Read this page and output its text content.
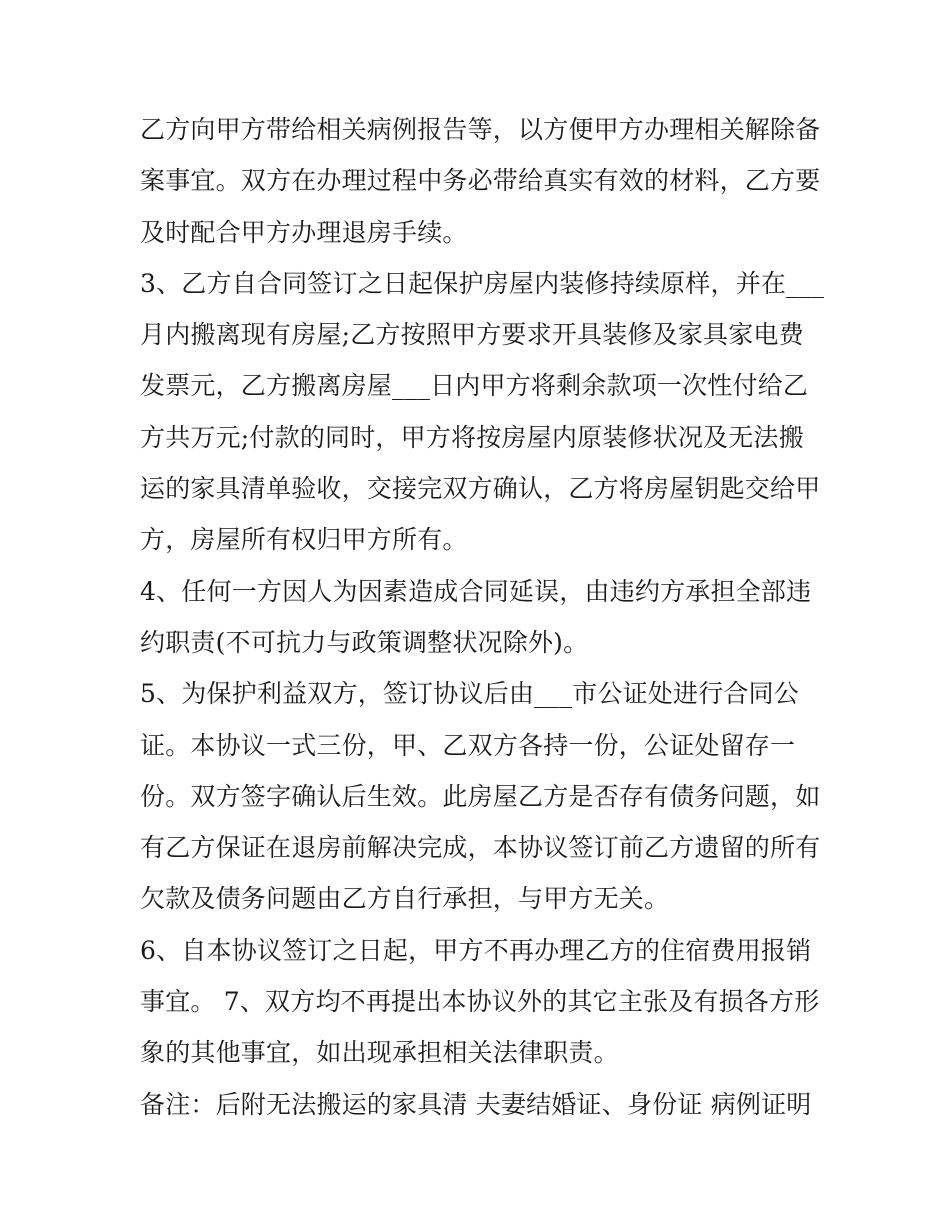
乙方向甲方带给相关病例报告等，以方便甲方办理相关解除备
案事宜。双方在办理过程中务必带给真实有效的材料，乙方要
及时配合甲方办理退房手续。
3、乙方自合同签订之日起保护房屋内装修持续原样，并在___
月内搬离现有房屋;乙方按照甲方要求开具装修及家具家电费
发票元，乙方搬离房屋___日内甲方将剩余款项一次性付给乙
方共万元;付款的同时，甲方将按房屋内原装修状况及无法搬
运的家具清单验收，交接完双方确认，乙方将房屋钥匙交给甲
方，房屋所有权归甲方所有。
4、任何一方因人为因素造成合同延误，由违约方承担全部违
约职责(不可抗力与政策调整状况除外)。
5、为保护利益双方，签订协议后由___市公证处进行合同公
证。本协议一式三份，甲、乙双方各持一份，公证处留存一
份。双方签字确认后生效。此房屋乙方是否存有债务问题，如
有乙方保证在退房前解决完成，本协议签订前乙方遗留的所有
欠款及债务问题由乙方自行承担，与甲方无关。
6、自本协议签订之日起，甲方不再办理乙方的住宿费用报销
事宜。 7、双方均不再提出本协议外的其它主张及有损各方形
象的其他事宜，如出现承担相关法律职责。
备注：后附无法搬运的家具清 夫妻结婚证、身份证 病例证明
